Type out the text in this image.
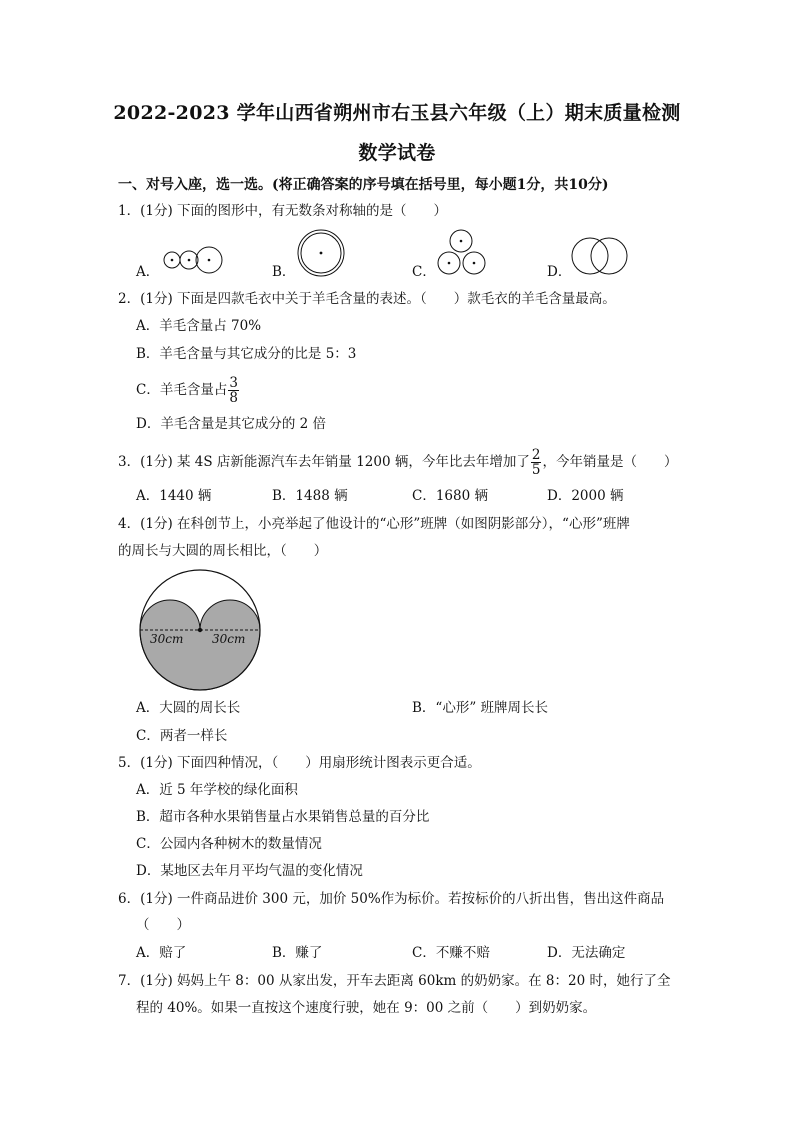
2022-2023 学年山西省朔州市右玉县六年级（上）期末质量检测
数学试卷
一、对号入座，选一选。(将正确答案的序号填在括号里，每小题1分，共10分)
1．(1分) 下面的图形中，有无数条对称轴的是（　　）
A．	B．	C．	D．
2．(1分) 下面是四款毛衣中关于羊毛含量的表述。（　　）款毛衣的羊毛含量最高。
A．羊毛含量占 70%
B．羊毛含量与其它成分的比是 5：3
C．羊毛含量占 $\frac{3}{8}$
D．羊毛含量是其它成分的 2 倍
3．(1分) 某 4S 店新能源汽车去年销量 1200 辆，今年比去年增加了 $\frac{2}{5}$ ，今年销量是（　　）
A．1440 辆	B．1488 辆	C．1680 辆	D．2000 辆
4．(1分) 在科创节上，小亮举起了他设计的“心形”班牌（如图阴影部分），“心形”班牌
的周长与大圆的周长相比，（　　）
30cm 30cm
A．大圆的周长长	B．“心形” 班牌周长长
C．两者一样长
5．(1分) 下面四种情况，（　　）用扇形统计图表示更合适。
A．近 5 年学校的绿化面积
B．超市各种水果销售量占水果销售总量的百分比
C．公园内各种树木的数量情况
D．某地区去年月平均气温的变化情况
6．(1分) 一件商品进价 300 元，加价 50%作为标价。若按标价的八折出售，售出这件商品
（　　）
A．赔了	B．赚了	C．不赚不赔	D．无法确定
7．(1分) 妈妈上午 8：00 从家出发，开车去距离 60km 的奶奶家。在 8：20 时，她行了全
程的 40%。如果一直按这个速度行驶，她在 9：00 之前（　　）到奶奶家。
